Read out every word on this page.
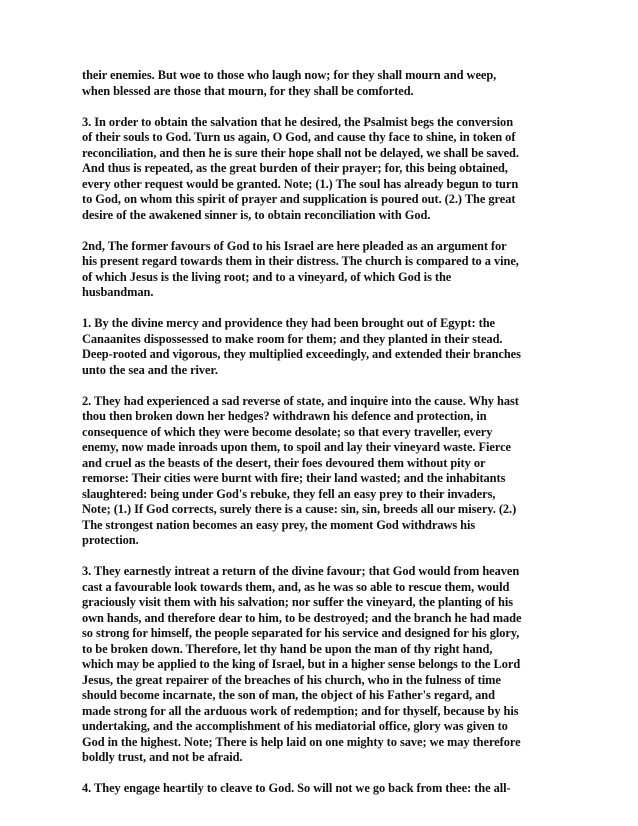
their enemies. But woe to those who laugh now; for they shall mourn and weep,
when blessed are those that mourn, for they shall be comforted.
3. In order to obtain the salvation that he desired, the Psalmist begs the conversion
of their souls to God. Turn us again, O God, and cause thy face to shine, in token of
reconciliation, and then he is sure their hope shall not be delayed, we shall be saved.
And thus is repeated, as the great burden of their prayer; for, this being obtained,
every other request would be granted. Note; (1.) The soul has already begun to turn
to God, on whom this spirit of prayer and supplication is poured out. (2.) The great
desire of the awakened sinner is, to obtain reconciliation with God.
2nd, The former favours of God to his Israel are here pleaded as an argument for
his present regard towards them in their distress. The church is compared to a vine,
of which Jesus is the living root; and to a vineyard, of which God is the
husbandman.
1. By the divine mercy and providence they had been brought out of Egypt: the
Canaanites dispossessed to make room for them; and they planted in their stead.
Deep-rooted and vigorous, they multiplied exceedingly, and extended their branches
unto the sea and the river.
2. They had experienced a sad reverse of state, and inquire into the cause. Why hast
thou then broken down her hedges? withdrawn his defence and protection, in
consequence of which they were become desolate; so that every traveller, every
enemy, now made inroads upon them, to spoil and lay their vineyard waste. Fierce
and cruel as the beasts of the desert, their foes devoured them without pity or
remorse: Their cities were burnt with fire; their land wasted; and the inhabitants
slaughtered: being under God's rebuke, they fell an easy prey to their invaders,
Note; (1.) If God corrects, surely there is a cause: sin, sin, breeds all our misery. (2.)
The strongest nation becomes an easy prey, the moment God withdraws his
protection.
3. They earnestly intreat a return of the divine favour; that God would from heaven
cast a favourable look towards them, and, as he was so able to rescue them, would
graciously visit them with his salvation; nor suffer the vineyard, the planting of his
own hands, and therefore dear to him, to be destroyed; and the branch he had made
so strong for himself, the people separated for his service and designed for his glory,
to be broken down. Therefore, let thy hand be upon the man of thy right hand,
which may be applied to the king of Israel, but in a higher sense belongs to the Lord
Jesus, the great repairer of the breaches of his church, who in the fulness of time
should become incarnate, the son of man, the object of his Father's regard, and
made strong for all the arduous work of redemption; and for thyself, because by his
undertaking, and the accomplishment of his mediatorial office, glory was given to
God in the highest. Note; There is help laid on one mighty to save; we may therefore
boldly trust, and not be afraid.
4. They engage heartily to cleave to God. So will not we go back from thee: the all-
